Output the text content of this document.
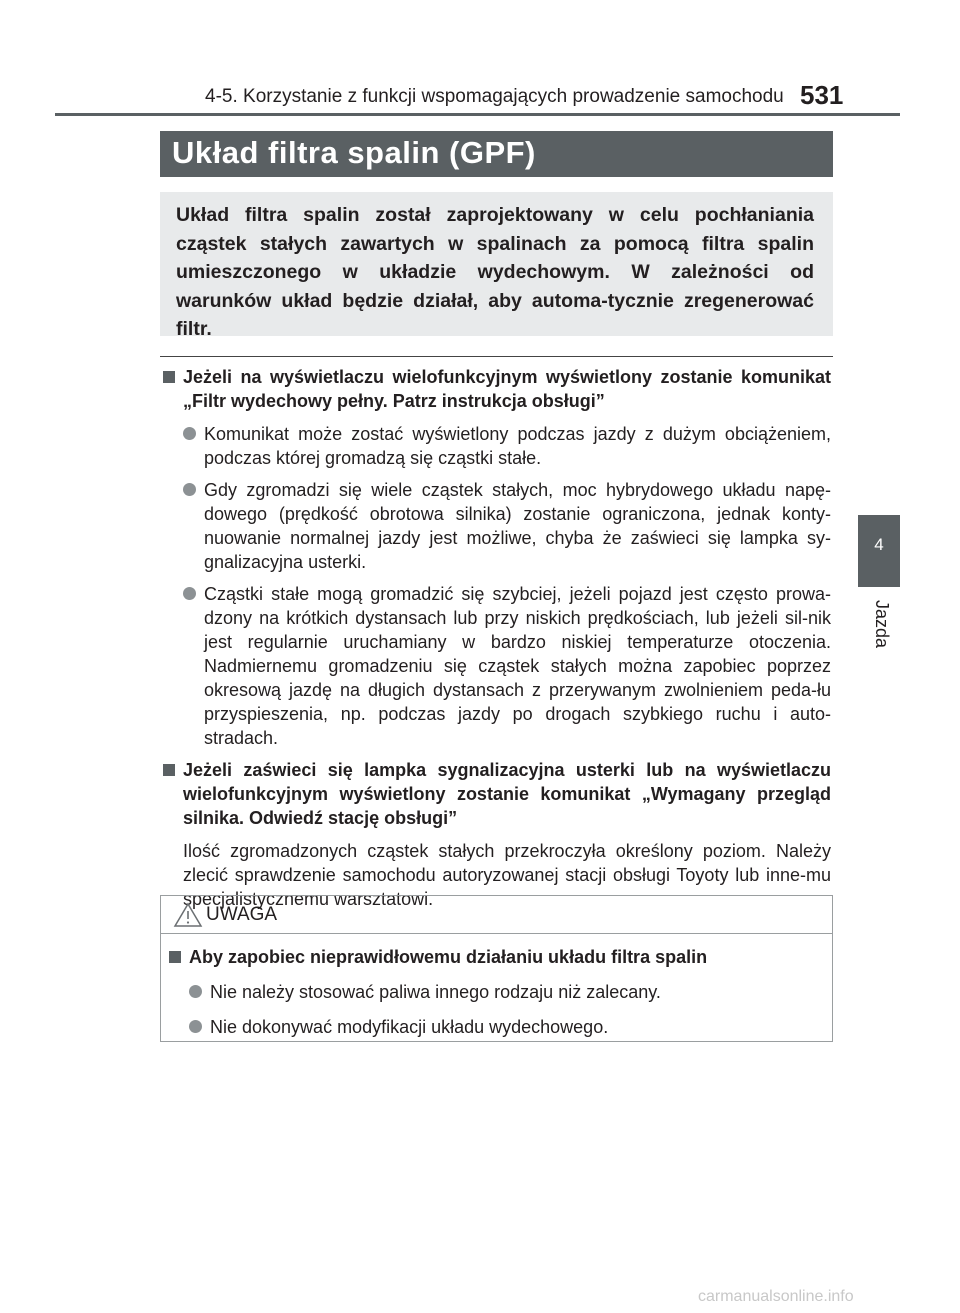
4-5. Korzystanie z funkcji wspomagających prowadzenie samochodu 531
4
Jazda
Układ filtra spalin (GPF)
Układ filtra spalin został zaprojektowany w celu pochłaniania cząstek stałych zawartych w spalinach za pomocą filtra spalin umieszczonego w układzie wydechowym. W zależności od warunków układ będzie działał, aby automa-tycznie zregenerować filtr.
Jeżeli na wyświetlaczu wielofunkcyjnym wyświetlony zostanie komunikat „Filtr wydechowy pełny. Patrz instrukcja obsługi”
Komunikat może zostać wyświetlony podczas jazdy z dużym obciążeniem, podczas której gromadzą się cząstki stałe.
Gdy zgromadzi się wiele cząstek stałych, moc hybrydowego układu napę-dowego (prędkość obrotowa silnika) zostanie ograniczona, jednak konty-nuowanie normalnej jazdy jest możliwe, chyba że zaświeci się lampka sy-gnalizacyjna usterki.
Cząstki stałe mogą gromadzić się szybciej, jeżeli pojazd jest często prowa-dzony na krótkich dystansach lub przy niskich prędkościach, lub jeżeli sil-nik jest regularnie uruchamiany w bardzo niskiej temperaturze otoczenia. Nadmiernemu gromadzeniu się cząstek stałych można zapobiec poprzez okresową jazdę na długich dystansach z przerywanym zwolnieniem peda-łu przyspieszenia, np. podczas jazdy po drogach szybkiego ruchu i auto-stradach.
Jeżeli zaświeci się lampka sygnalizacyjna usterki lub na wyświetlaczu wielofunkcyjnym wyświetlony zostanie komunikat „Wymagany przegląd silnika. Odwiedź stację obsługi”
Ilość zgromadzonych cząstek stałych przekroczyła określony poziom. Należy zlecić sprawdzenie samochodu autoryzowanej stacji obsługi Toyoty lub inne-mu specjalistycznemu warsztatowi.
UWAGA
Aby zapobiec nieprawidłowemu działaniu układu filtra spalin
Nie należy stosować paliwa innego rodzaju niż zalecany.
Nie dokonywać modyfikacji układu wydechowego.
carmanualsonline.info
